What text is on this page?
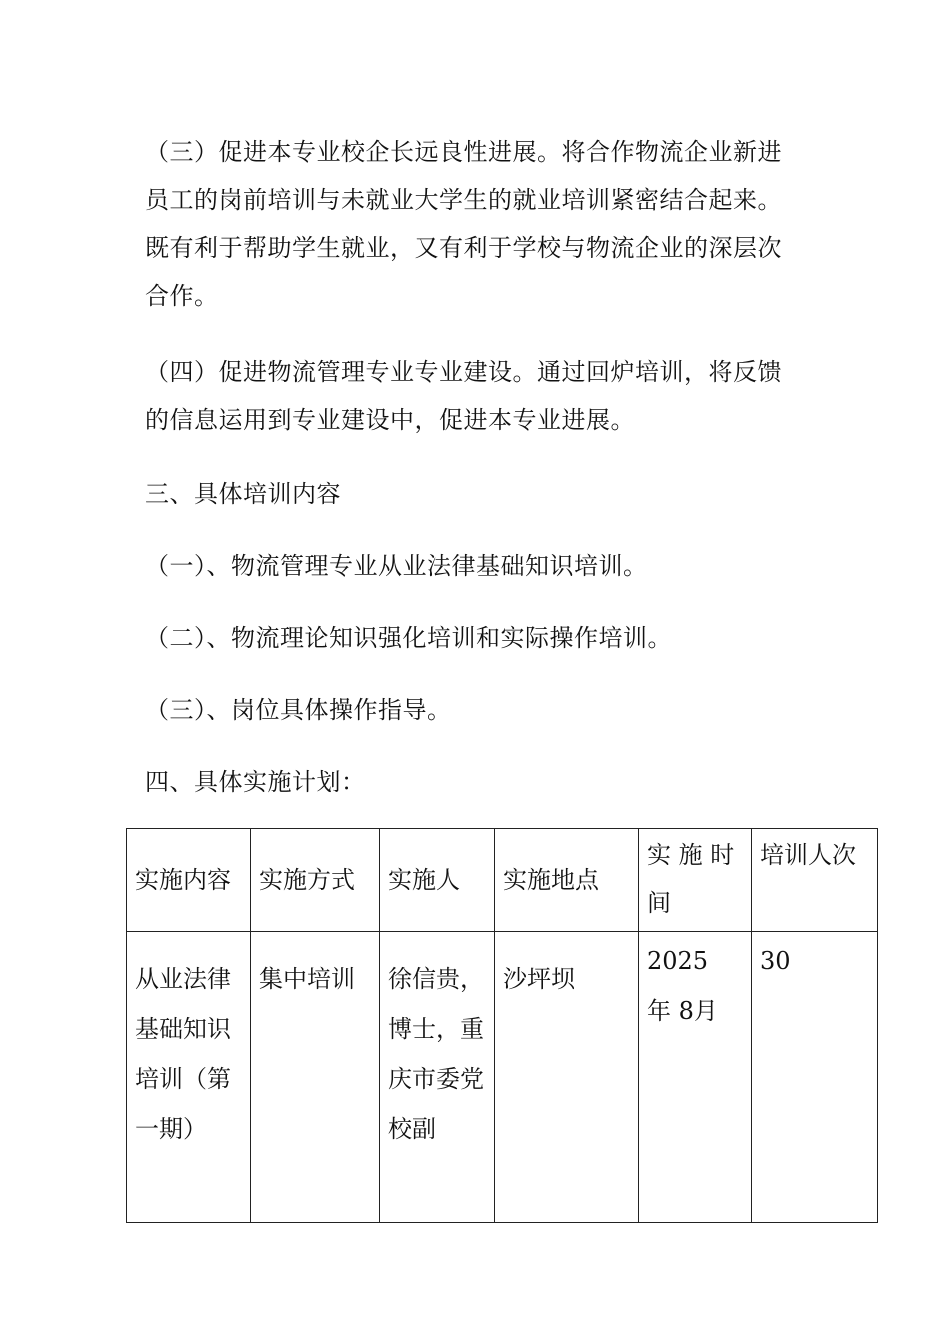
（三）促进本专业校企长远良性进展。将合作物流企业新进员工的岗前培训与未就业大学生的就业培训紧密结合起来。既有利于帮助学生就业，又有利于学校与物流企业的深层次合作。

（四）促进物流管理专业专业建设。通过回炉培训，将反馈的信息运用到专业建设中，促进本专业进展。

三、具体培训内容

（一）、物流管理专业从业法律基础知识培训。

（二）、物流理论知识强化培训和实际操作培训。

（三）、岗位具体操作指导。

四、具体实施计划：

实施内容	实施方式	实施人	实施地点	实 施 时 间	培训人次
从业法律基础知识培训（第一期）	集中培训	徐信贵，博士，重庆市委党校副	沙坪坝	2025　年 8月	30
